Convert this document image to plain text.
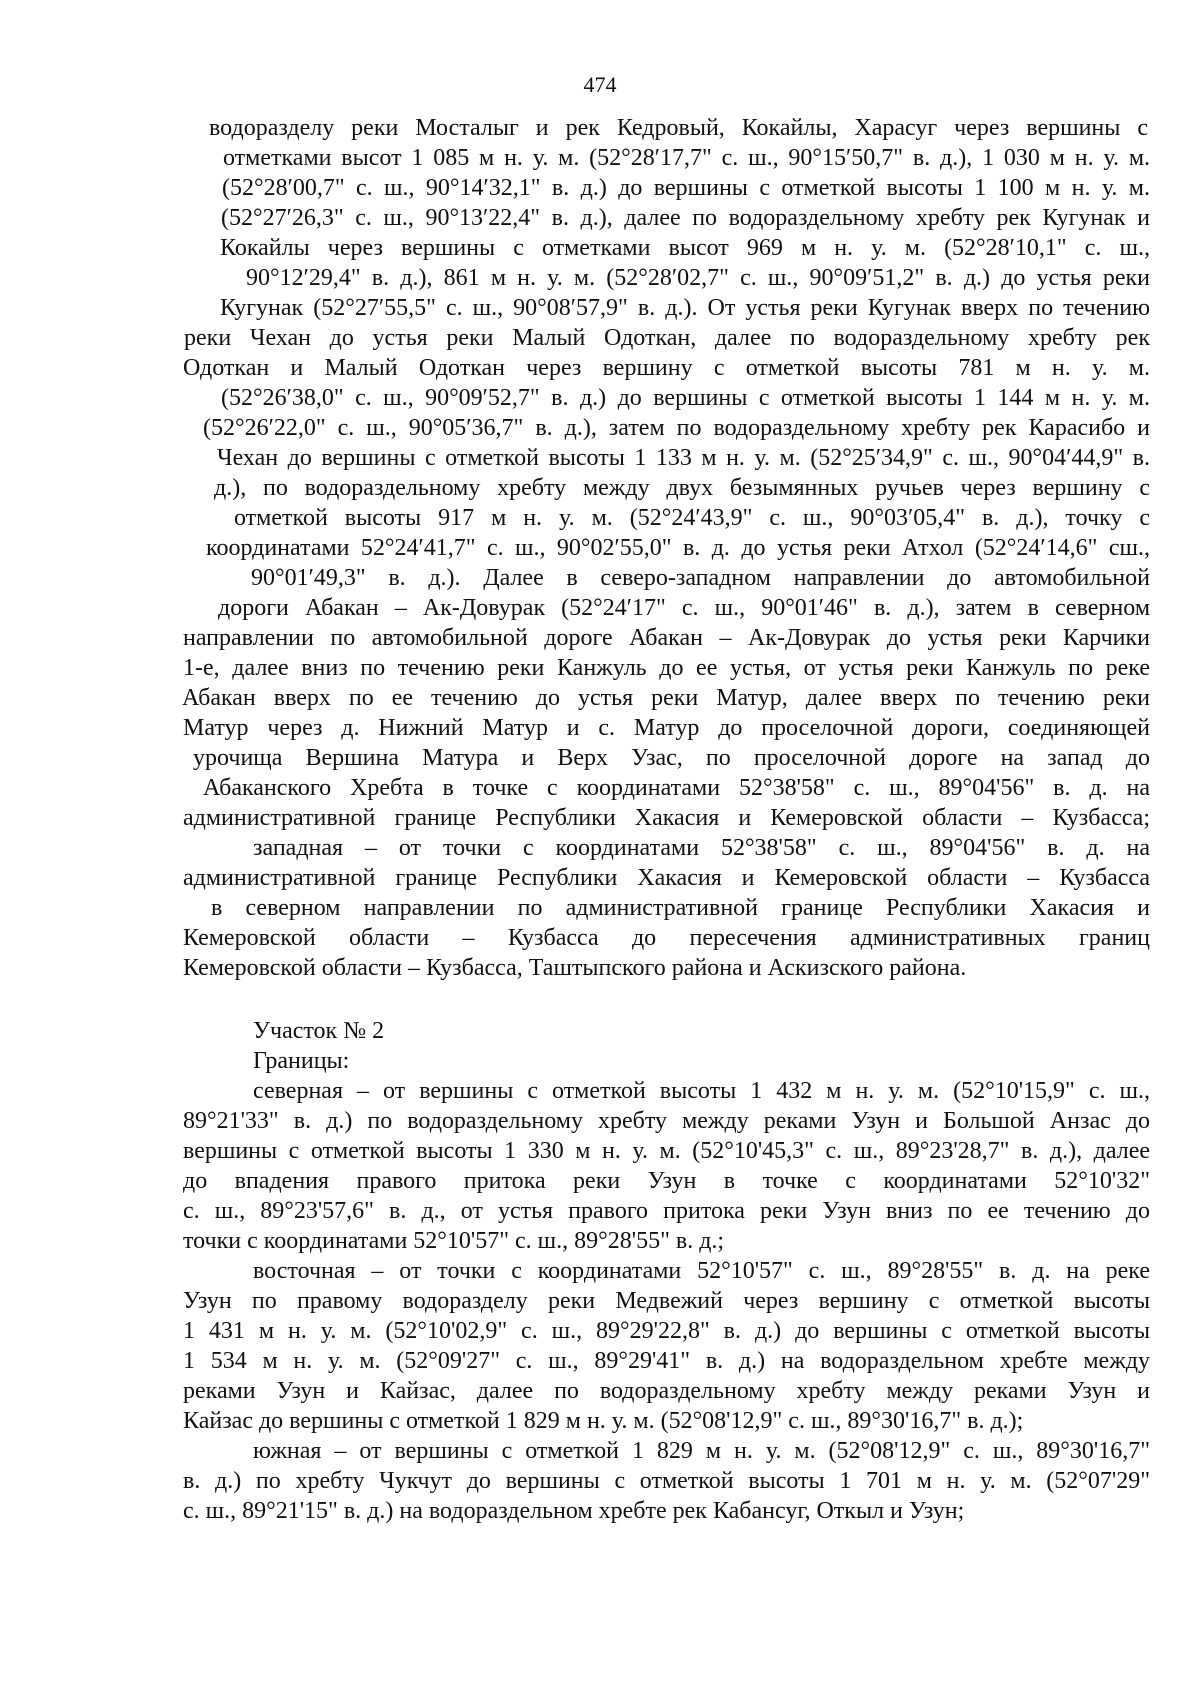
474

водоразделу реки Мосталыг и рек Кедровый, Кокайлы, Харасуг через вершины с

отметками высот 1 085 м н. у. м. (52°28′17,7" с. ш., 90°15′50,7" в. д.), 1 030 м н. у. м.

(52°28′00,7" с. ш., 90°14′32,1" в. д.) до вершины с отметкой высоты 1 100 м н. у. м.

(52°27′26,3" с. ш., 90°13′22,4" в. д.), далее по водораздельному хребту рек Кугунак и

Кокайлы через вершины с отметками высот 969 м н. у. м. (52°28′10,1" с. ш.,

90°12′29,4" в. д.), 861 м н. у. м. (52°28′02,7" с. ш., 90°09′51,2" в. д.) до устья реки

Кугунак (52°27′55,5" с. ш., 90°08′57,9" в. д.). От устья реки Кугунак вверх по течению

реки Чехан до устья реки Малый Одоткан, далее по водораздельному хребту рек

Одоткан и Малый Одоткан через вершину с отметкой высоты 781 м н. у. м.

(52°26′38,0" с. ш., 90°09′52,7" в. д.) до вершины с отметкой высоты 1 144 м н. у. м.

(52°26′22,0" с. ш., 90°05′36,7" в. д.), затем по водораздельному хребту рек Карасибо и

Чехан до вершины с отметкой высоты 1 133 м н. у. м. (52°25′34,9" с. ш., 90°04′44,9" в.

д.), по водораздельному хребту между двух безымянных ручьев через вершину с

отметкой высоты 917 м н. у. м. (52°24′43,9" с. ш., 90°03′05,4" в. д.), точку с

координатами 52°24′41,7" с. ш., 90°02′55,0" в. д. до устья реки Атхол (52°24′14,6" сш.,

90°01′49,3" в. д.). Далее в северо-западном направлении до автомобильной

дороги Абакан – Ак-Довурак (52°24′17" с. ш., 90°01′46" в. д.), затем в северном

направлении по автомобильной дороге Абакан – Ак-Довурак до устья реки Карчики

1-е, далее вниз по течению реки Канжуль до ее устья, от устья реки Канжуль по реке

Абакан вверх по ее течению до устья реки Матур, далее вверх по течению реки

Матур через д. Нижний Матур и с. Матур до проселочной дороги, соединяющей

урочища Вершина Матура и Верх Узас, по проселочной дороге на запад до

Абаканского Хребта в точке с координатами 52°38'58" с. ш., 89°04'56" в. д. на

административной границе Республики Хакасия и Кемеровской области – Кузбасса;

западная – от точки с координатами 52°38'58" с. ш., 89°04'56" в. д. на

административной границе Республики Хакасия и Кемеровской области – Кузбасса

в северном направлении по административной границе Республики Хакасия и

Кемеровской области – Кузбасса до пересечения административных границ

Кемеровской области – Кузбасса, Таштыпского района и Аскизского района.

Участок № 2

Границы:

северная – от вершины с отметкой высоты 1 432 м н. у. м. (52°10'15,9" с. ш.,

89°21'33" в. д.) по водораздельному хребту между реками Узун и Большой Анзас до

вершины с отметкой высоты 1 330 м н. у. м. (52°10'45,3" с. ш., 89°23'28,7" в. д.), далее

до впадения правого притока реки Узун в точке с координатами 52°10'32"

с. ш., 89°23'57,6" в. д., от устья правого притока реки Узун вниз по ее течению до

точки с координатами 52°10'57" с. ш., 89°28'55" в. д.;

восточная – от точки с координатами 52°10'57" с. ш., 89°28'55" в. д. на реке

Узун по правому водоразделу реки Медвежий через вершину с отметкой высоты

1 431 м н. у. м. (52°10'02,9" с. ш., 89°29'22,8" в. д.) до вершины с отметкой высоты

1 534 м н. у. м. (52°09'27" с. ш., 89°29'41" в. д.) на водораздельном хребте между

реками Узун и Кайзас, далее по водораздельному хребту между реками Узун и

Кайзас до вершины с отметкой 1 829 м н. у. м. (52°08'12,9" с. ш., 89°30'16,7" в. д.);

южная – от вершины с отметкой 1 829 м н. у. м. (52°08'12,9" с. ш., 89°30'16,7"

в. д.) по хребту Чукчут до вершины с отметкой высоты 1 701 м н. у. м. (52°07'29"

с. ш., 89°21'15" в. д.) на водораздельном хребте рек Кабансуг, Откыл и Узун;
